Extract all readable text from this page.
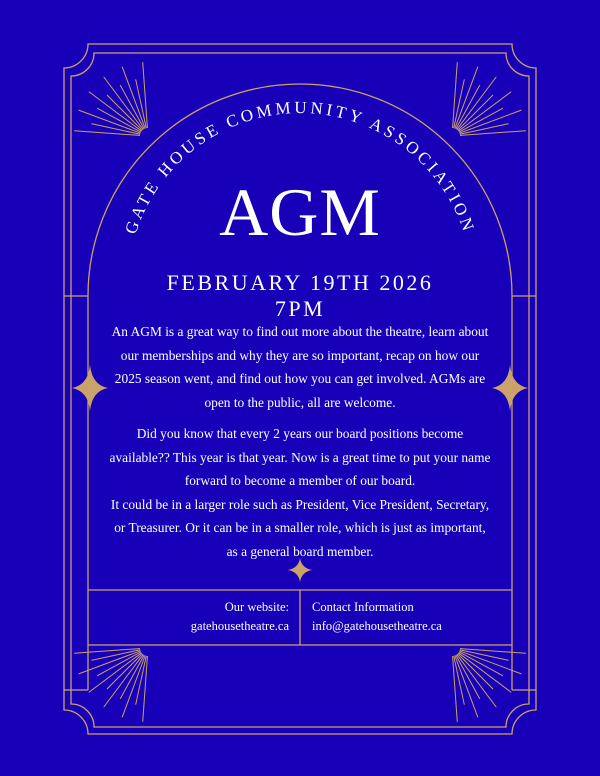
GATE HOUSE COMMUNITY ASSOCIATION
AGM
FEBRUARY 19TH 2026
7PM
An AGM is a great way to find out more about the theatre, learn about our memberships and why they are so important, recap on how our 2025 season went, and find out how you can get involved. AGMs are open to the public, all are welcome.
Did you know that every 2 years our board positions become available?? This year is that year. Now is a great time to put your name forward to become a member of our board.
It could be in a larger role such as President, Vice President, Secretary, or Treasurer. Or it can be in a smaller role, which is just as important, as a general board member.
Our website:
gatehousetheatre.ca
Contact Information
info@gatehousetheatre.ca
